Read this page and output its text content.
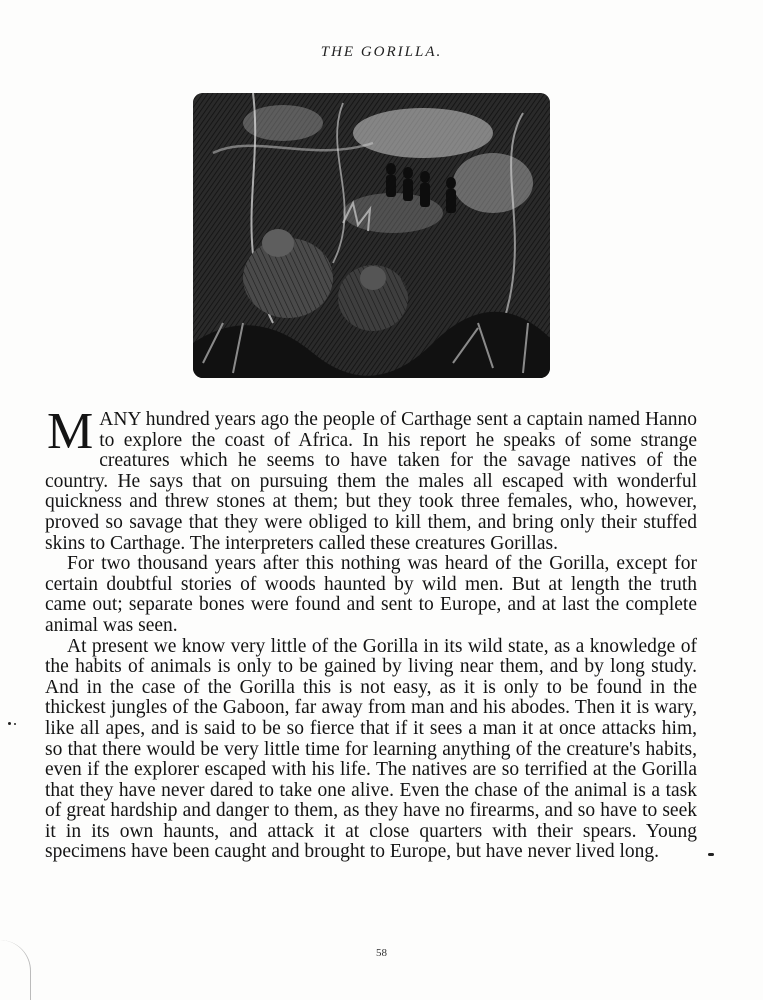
THE GORILLA.

MANY hundred years ago the people of Carthage sent a captain named Hanno to explore the coast of Africa. In his report he speaks of some strange creatures which he seems to have taken for the savage natives of the country. He says that on pursuing them the males all escaped with wonderful quickness and threw stones at them; but they took three females, who, however, proved so savage that they were obliged to kill them, and bring only their stuffed skins to Carthage. The interpreters called these creatures Gorillas.

For two thousand years after this nothing was heard of the Gorilla, except for certain doubtful stories of woods haunted by wild men. But at length the truth came out; separate bones were found and sent to Europe, and at last the complete animal was seen.

At present we know very little of the Gorilla in its wild state, as a knowledge of the habits of animals is only to be gained by living near them, and by long study. And in the case of the Gorilla this is not easy, as it is only to be found in the thickest jungles of the Gaboon, far away from man and his abodes. Then it is wary, like all apes, and is said to be so fierce that if it sees a man it at once attacks him, so that there would be very little time for learning anything of the creature's habits, even if the explorer escaped with his life. The natives are so terrified at the Gorilla that they have never dared to take one alive. Even the chase of the animal is a task of great hardship and danger to them, as they have no firearms, and so have to seek it in its own haunts, and attack it at close quarters with their spears. Young specimens have been caught and brought to Europe, but have never lived long.

58
